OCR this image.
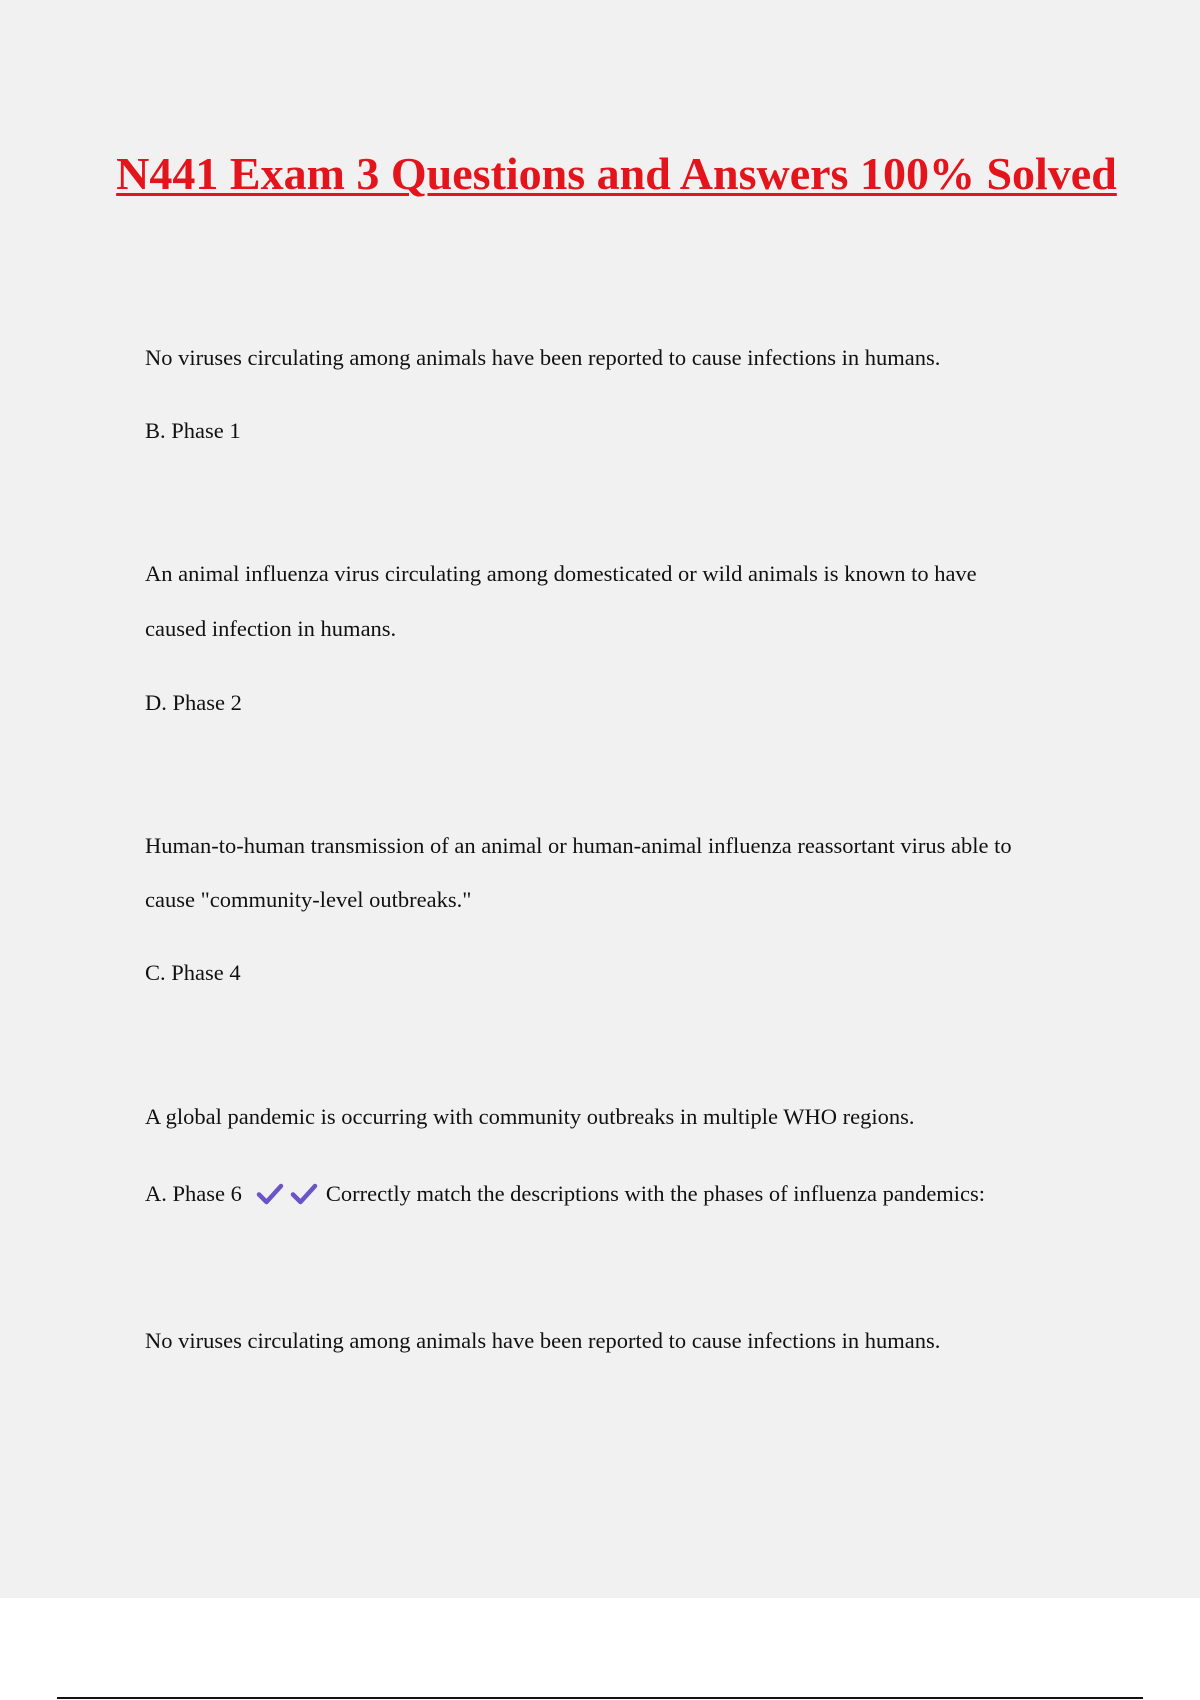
N441 Exam 3 Questions and Answers 100% Solved

No viruses circulating among animals have been reported to cause infections in humans.

B. Phase 1

An animal influenza virus circulating among domesticated or wild animals is known to have

caused infection in humans.

D. Phase 2

Human-to-human transmission of an animal or human-animal influenza reassortant virus able to

cause "community-level outbreaks."

C. Phase 4

A global pandemic is occurring with community outbreaks in multiple WHO regions.

A. Phase 6	Correctly match the descriptions with the phases of influenza pandemics:

No viruses circulating among animals have been reported to cause infections in humans.
